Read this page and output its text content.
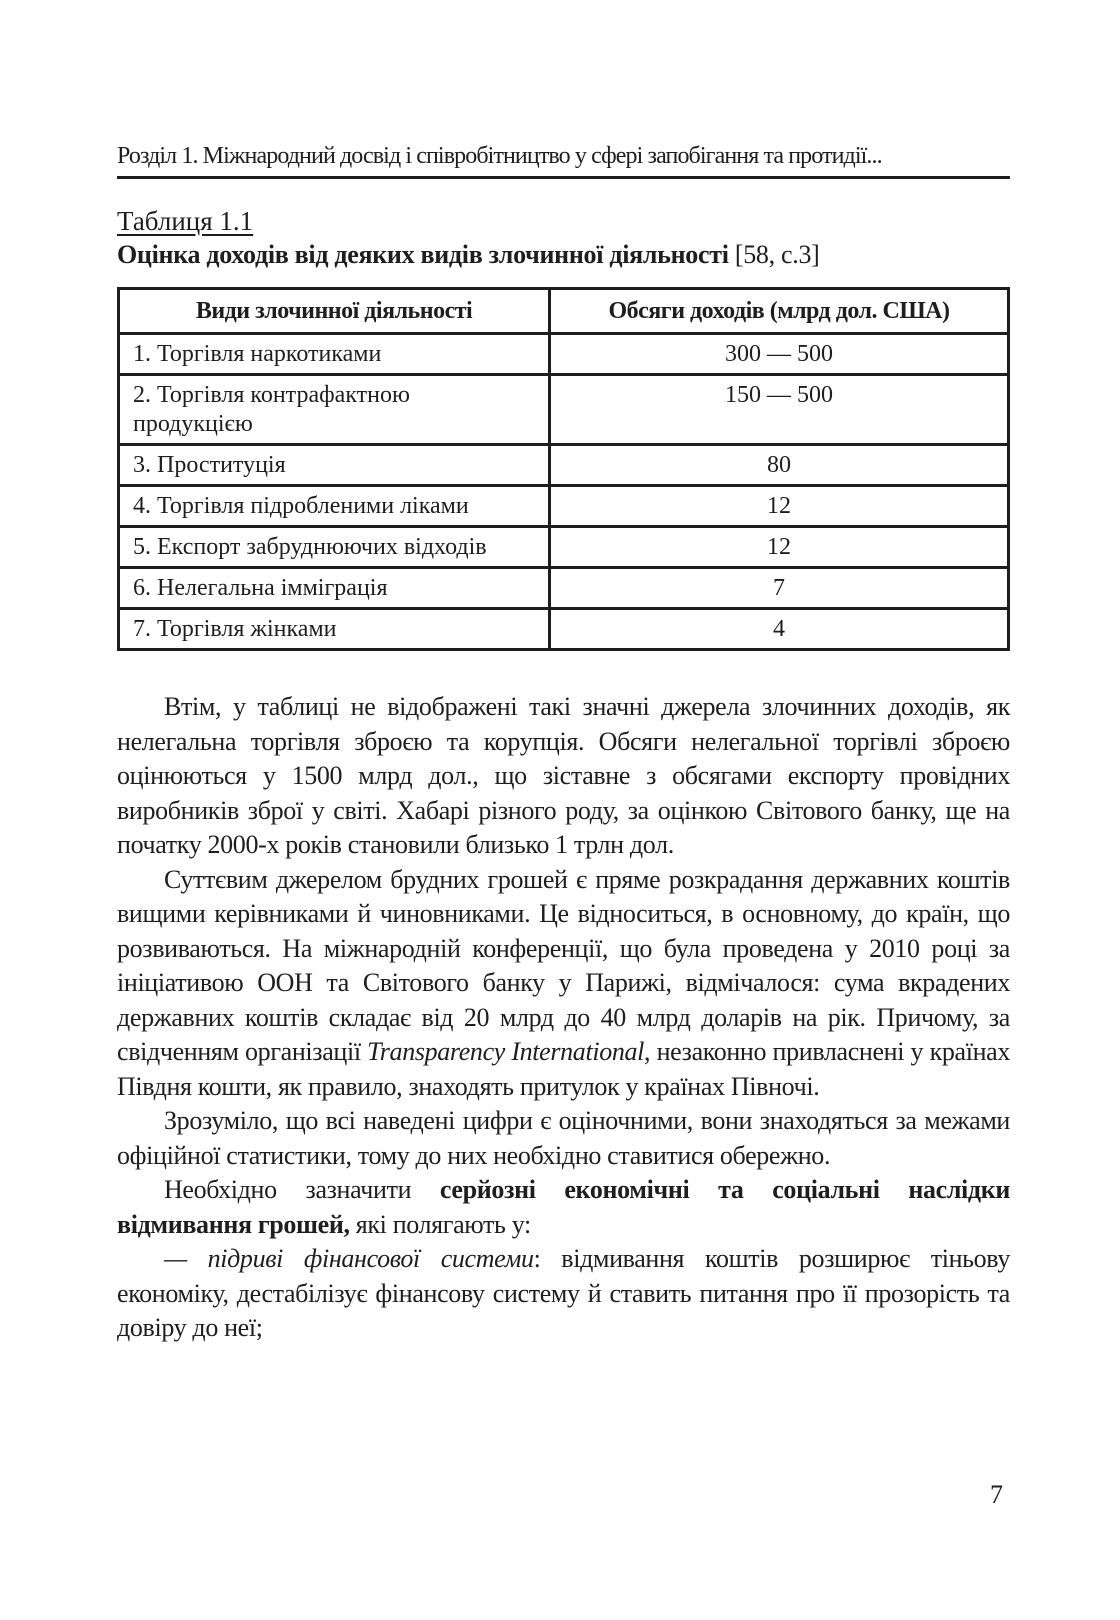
Розділ 1. Міжнародний досвід і співробітництво у сфері запобігання та протидії...
Таблиця 1.1
Оцінка доходів від деяких видів злочинної діяльності [58, с.3]
Види злочинної діяльності	Обсяги доходів (млрд дол. США)
1. Торгівля наркотиками	300 — 500
2. Торгівля контрафактною продукцією	150 — 500
3. Проституція	80
4. Торгівля підробленими ліками	12
5. Експорт забруднюючих відходів	12
6. Нелегальна іммiграція	7
7. Торгівля жінками	4

Втім, у таблиці не відображені такі значні джерела злочинних доходів, як нелегальна торгівля зброєю та корупція. Обсяги нелегальної торгівлі зброєю оцінюються у 1500 млрд дол., що зіставне з обсягами експорту провідних виробників зброї у світі. Хабарі різного роду, за оцінкою Світового банку, ще на початку 2000-х років становили близько 1 трлн дол.

Суттєвим джерелом брудних грошей є пряме розкрадання державних коштів вищими керівниками й чиновниками. Це відноситься, в основному, до країн, що розвиваються. На міжнародній конференції, що була проведена у 2010 році за ініціативою ООН та Світового банку у Парижі, відмічалося: сума вкрадених державних коштів складає від 20 млрд до 40 млрд доларів на рік. Причому, за свідченням організації Transparency International, незаконно привласнені у країнах Півдня кошти, як правило, знаходять притулок у країнах Півночі.

Зрозуміло, що всі наведені цифри є оціночними, вони знаходяться за межами офіційної статистики, тому до них необхідно ставитися обережно.

Необхідно зазначити серйозні економічні та соціальні наслідки відмивання грошей, які полягають у:

— підриві фінансової системи: відмивання коштів розширює тіньову економіку, дестабілізує фінансову систему й ставить питання про її прозорість та довіру до неї;

7
